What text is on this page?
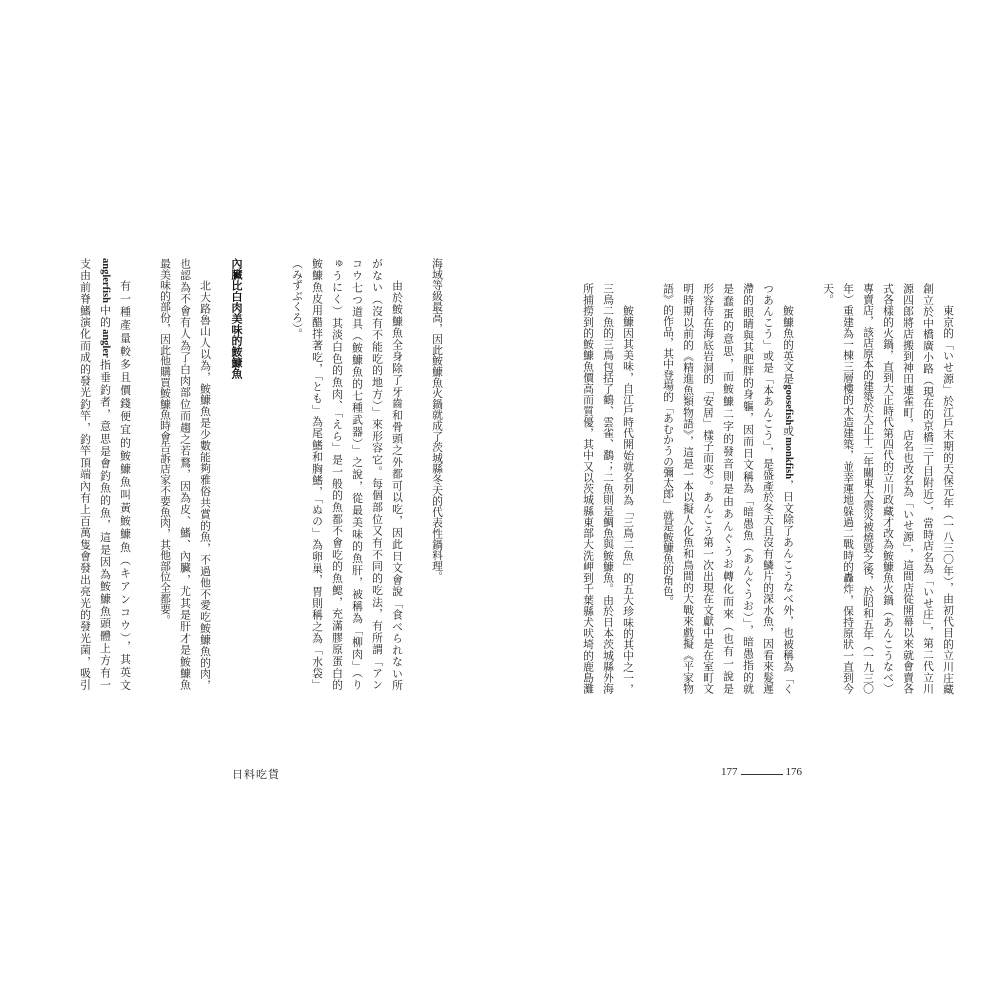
海域等級最高，因此鮟鱇魚火鍋就成了茨城縣冬天的代表性鍋料理。
由於鮟鱇魚全身除了牙齒和骨頭之外都可以吃，因此日文會說「食べられない所
がない（沒有不能吃的地方）」來形容它。每個部位又有不同的吃法，有所謂「アン
コウ七つ道具（鮟鱇魚的七種武器）」之說，從最美味的魚肝，被稱為「柳肉」（り
ゅうにく）其淡白色的魚肉、「えら」是一般的魚都不會吃的魚鰓，充滿膠原蛋白的
鮟鱇魚皮用醋拌著吃，「とも」為尾鰭和胸鰭，「ぬの」為卵巢，胃則稱之為「水袋」
（みずぶくろ）。
內臟比白肉美味的鮟鱇魚
北大路魯山人以為，鮟鱇魚是少數能夠雅俗共賞的魚，不過他不愛吃鮟鱇魚的肉，
也認為不會有人為了白肉部位而趨之若鶩，因為皮、鰭、內臟，尤其是肝才是鮟鱇魚
最美味的部份，因此他購買鮟鱇魚時會告訴店家不要魚肉，其他部位全都要。
有一種產量較多且價錢便宜的鮟鱇魚叫黃鮟鱇魚（キアンコウ），其英文
anglerfish中的angler指垂釣者，意思是會釣魚的魚，這是因為鮟鱇魚頭體上方有一
支由前脊鰭演化而成的發光釣竿，釣竿頂端內有上百萬隻會發出亮光的發光菌，吸引
日料吃貨
東京的「いせ源」於江戶末期的天保元年（一八三〇年），由初代目的立川庄藏
創立於中橋廣小路（現在的京橋三丁目附近），當時店名為「いせ庄」，第二代立川
源四郎將店搬到神田連雀町，店名也改名為「いせ源」，這間店從開幕以來就會賣各
式各樣的火鍋，直到大正時代第四代的立川政藏才改為鮟鱇魚火鍋（あんこうなべ）
專賣店，該店原本的建築於大正十二年關東大震災被燒毀之後，於昭和五年（一九三〇
年）重建為一棟三層樓的木造建築，並幸運地躲過二戰時的轟炸，保持原狀一直到今
天。
鮟鱇魚的英文是goosefish或monkfish，日文除了あんこうなべ外，也被稱為「く
つあんこう」或是「本あんこう」，是盛產於冬天且沒有鱗片的深水魚，因看來髮遲
滯的眼睛與其肥胖的身軀，因而日文稱為「暗愚魚（あんぐうお）」，暗愚指的就
是蠢蛋的意思，而鮟鱇二字的發音則是由あんぐうお轉化而來（也有一說是
形容待在海底岩洞的「安居」樣子而來）。あんこう第一次出現在文獻中是在室町文
明時期以前的《精進魚類物語》，這是一本以擬人化魚和鳥間的大戰來戲擬《平家物
語》的作品，其中登場的「あむかうの彌太郎」就是鮟鱇魚的角色。
鮟鱇因其美味，自江戶時代開始就名列為「三鳥二魚」的五大珍味的其中之一，
三鳥二魚的三鳥包括了鶴、雲雀、鷭；二魚則是鯛魚與鮟鱇魚。由於日本茨城縣外海
所捕撈到的鮟鱇魚價高而質優，其中又以茨城縣東部大洗岬到千葉縣犬吠埼的鹿島灘
177	176
